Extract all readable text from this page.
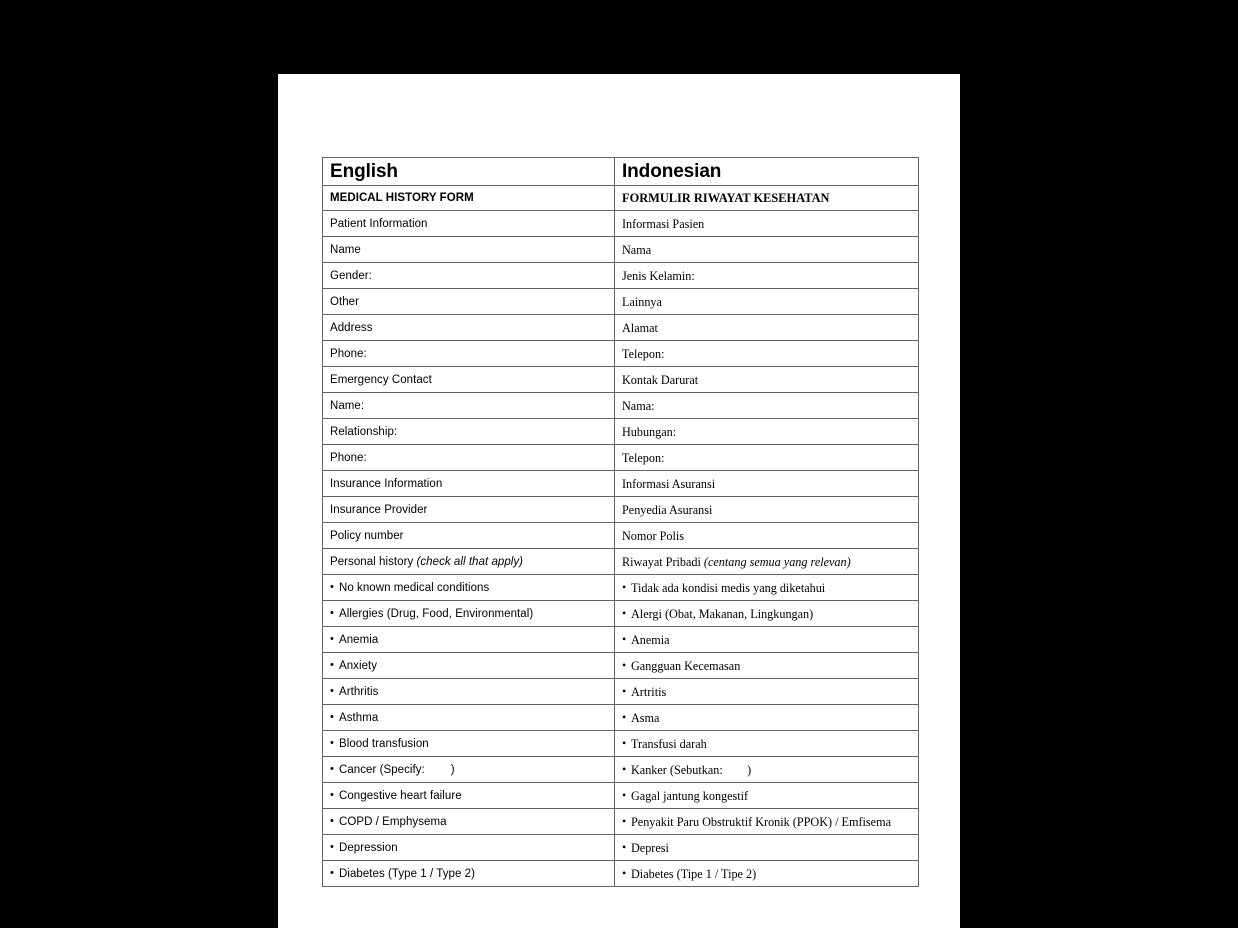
English	Indonesian
MEDICAL HISTORY FORM	FORMULIR RIWAYAT KESEHATAN
Patient Information	Informasi Pasien
Name	Nama
Gender:	Jenis Kelamin:
Other	Lainnya
Address	Alamat
Phone:	Telepon:
Emergency Contact	Kontak Darurat
Name:	Nama:
Relationship:	Hubungan:
Phone:	Telepon:
Insurance Information	Informasi Asuransi
Insurance Provider	Penyedia Asuransi
Policy number	Nomor Polis
Personal history (check all that apply)	Riwayat Pribadi (centang semua yang relevan)
• No known medical conditions	• Tidak ada kondisi medis yang diketahui
• Allergies (Drug, Food, Environmental)	• Alergi (Obat, Makanan, Lingkungan)
• Anemia	• Anemia
• Anxiety	• Gangguan Kecemasan
• Arthritis	• Artritis
• Asthma	• Asma
• Blood transfusion	• Transfusi darah
• Cancer (Specify:        )	• Kanker (Sebutkan:        )
• Congestive heart failure	• Gagal jantung kongestif
• COPD / Emphysema	• Penyakit Paru Obstruktif Kronik (PPOK) / Emfisema
• Depression	• Depresi
• Diabetes (Type 1 / Type 2)	• Diabetes (Tipe 1 / Tipe 2)
